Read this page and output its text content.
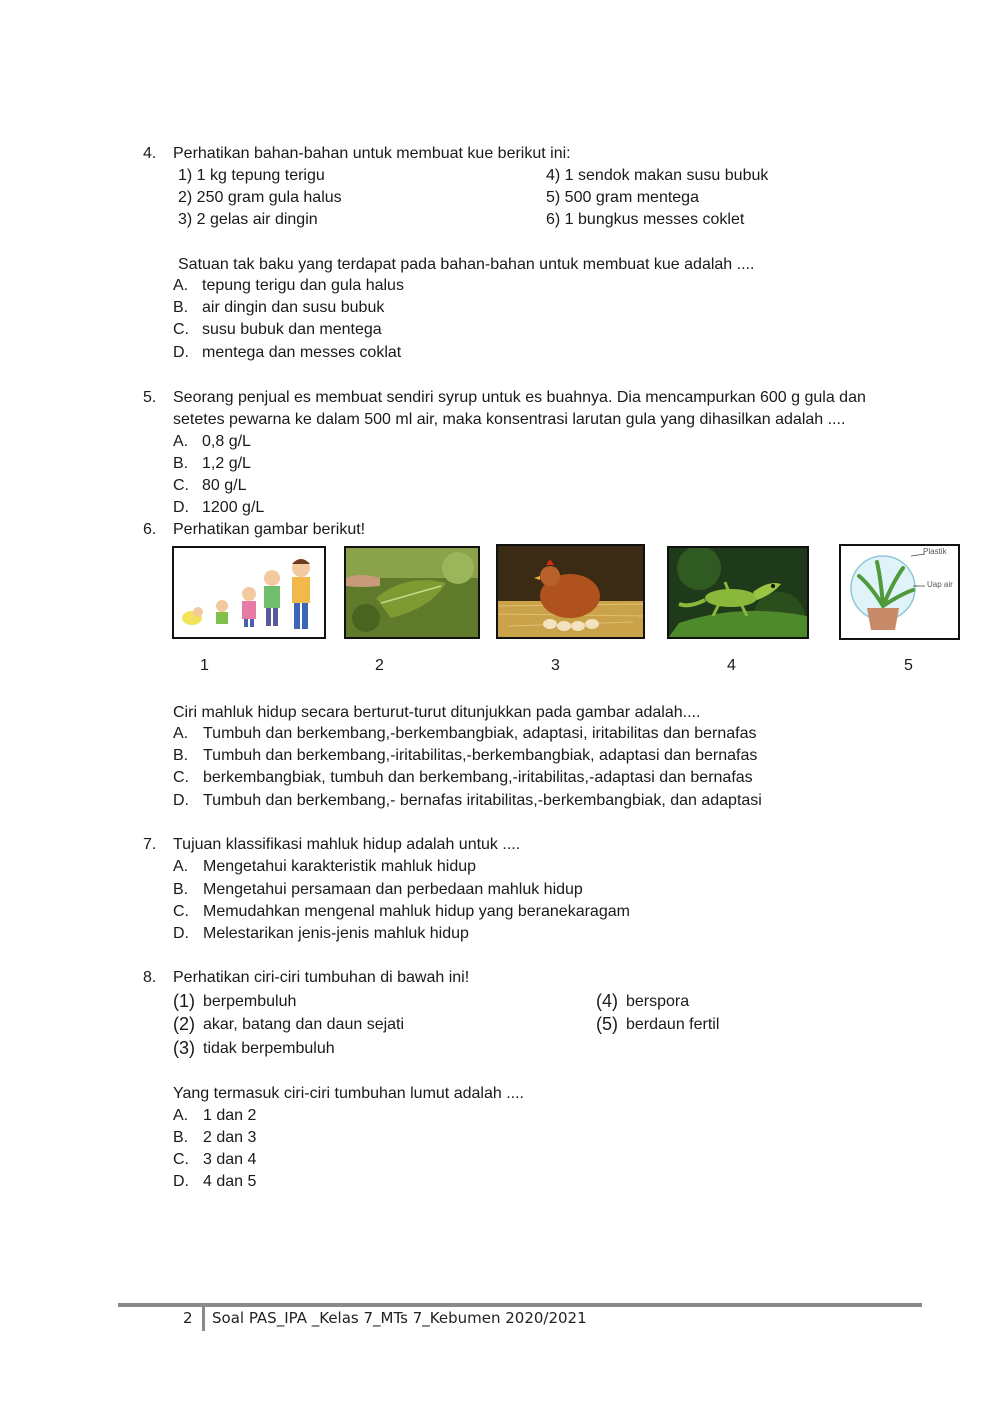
4. Perhatikan bahan-bahan untuk membuat kue berikut ini:
1) 1 kg tepung terigu
2) 250 gram gula halus
3) 2 gelas air dingin
4) 1 sendok makan susu bubuk
5) 500 gram mentega
6) 1 bungkus messes coklet
Satuan tak baku yang terdapat pada bahan-bahan untuk membuat kue adalah ....
A. tepung terigu dan gula halus
B. air dingin dan susu bubuk
C. susu bubuk dan mentega
D. mentega dan messes coklat
5. Seorang penjual es membuat sendiri syrup untuk es buahnya. Dia mencampurkan 600 g gula dan
setetes pewarna ke dalam 500 ml air, maka konsentrasi larutan gula yang dihasilkan adalah ....
A. 0,8 g/L
B. 1,2 g/L
C. 80 g/L
D. 1200 g/L
6. Perhatikan gambar berikut!
Plastik
Uap air
1	2	3	4	5
Ciri mahluk hidup secara berturut-turut ditunjukkan pada gambar adalah....
A. Tumbuh dan berkembang,-berkembangbiak, adaptasi, iritabilitas dan bernafas
B. Tumbuh dan berkembang,-iritabilitas,-berkembangbiak, adaptasi dan bernafas
C. berkembangbiak, tumbuh dan berkembang,-iritabilitas,-adaptasi dan bernafas
D. Tumbuh dan berkembang,- bernafas iritabilitas,-berkembangbiak, dan adaptasi
7. Tujuan klassifikasi mahluk hidup adalah untuk ....
A. Mengetahui karakteristik mahluk hidup
B. Mengetahui persamaan dan perbedaan mahluk hidup
C. Memudahkan mengenal mahluk hidup yang beranekaragam
D. Melestarikan jenis-jenis mahluk hidup
8. Perhatikan ciri-ciri tumbuhan di bawah ini!
(1) berpembuluh
(2) akar, batang dan daun sejati
(3) tidak berpembuluh
(4) berspora
(5) berdaun fertil
Yang termasuk ciri-ciri tumbuhan lumut adalah ....
A. 1 dan 2
B. 2 dan 3
C. 3 dan 4
D. 4 dan 5
2 Soal PAS_IPA _Kelas 7_MTs 7_Kebumen 2020/2021
